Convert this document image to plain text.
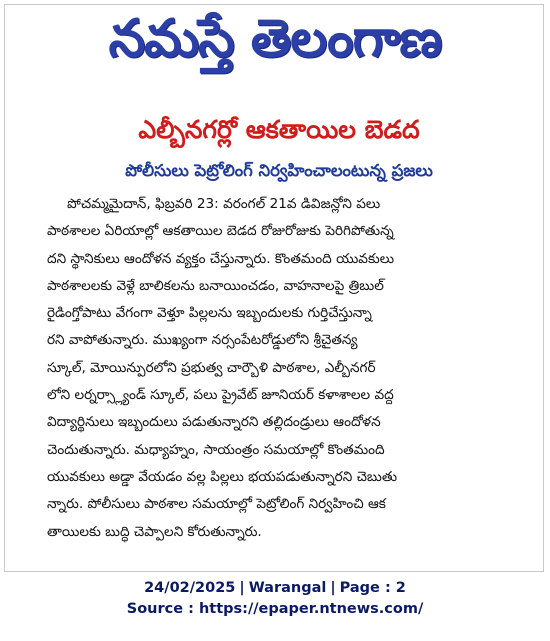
నమస్తే తెలంగాణ
ఎల్బీనగర్లో ఆకతాయిల బెడద
పోలీసులు పెట్రోలింగ్ నిర్వహించాలంటున్న ప్రజలు
పోచమ్మమైదాన్, ఫిబ్రవరి 23: వరంగల్ 21వ డివిజన్లోని పలు
పాఠశాలల ఏరియాల్లో ఆకతాయిల బెడద రోజురోజుకు పెరిగిపోతున్న
దని స్థానికులు ఆందోళన వ్యక్తం చేస్తున్నారు. కొంతమంది యువకులు
పాఠశాలలకు వెళ్లే బాలికలను బనాయించడం, వాహనాలపై త్రిబుల్
రైడింగ్తోపాటు వేగంగా వెళ్తూ పిల్లలను ఇబ్బందులకు గుర్తిచేస్తున్నా
రని వాపోతున్నారు. ముఖ్యంగా నర్సంపేటరోడ్డులోని శ్రీచైతన్య
స్కూల్, మోయిన్పురలోని ప్రభుత్వ చార్బౌళి పాఠశాల, ఎల్బీనగర్
లోని లర్నర్స్ల్యాండ్ స్కూల్, పలు ప్రైవేట్ జూనియర్ కళాశాలల వద్ద
విద్యార్థినులు ఇబ్బందులు పడుతున్నారని తల్లిదండ్రులు ఆందోళన
చెందుతున్నారు. మధ్యాహ్నం, సాయంత్రం సమయాల్లో కొంతమంది
యువకులు అడ్డా వేయడం వల్ల పిల్లలు భయపడుతున్నారని చెబుతు
న్నారు. పోలీసులు పాఠశాల సమయాల్లో పెట్రోలింగ్ నిర్వహించి ఆక
తాయిలకు బుద్ధి చెప్పాలని కోరుతున్నారు.
24/02/2025 | Warangal | Page : 2
Source : https://epaper.ntnews.com/
